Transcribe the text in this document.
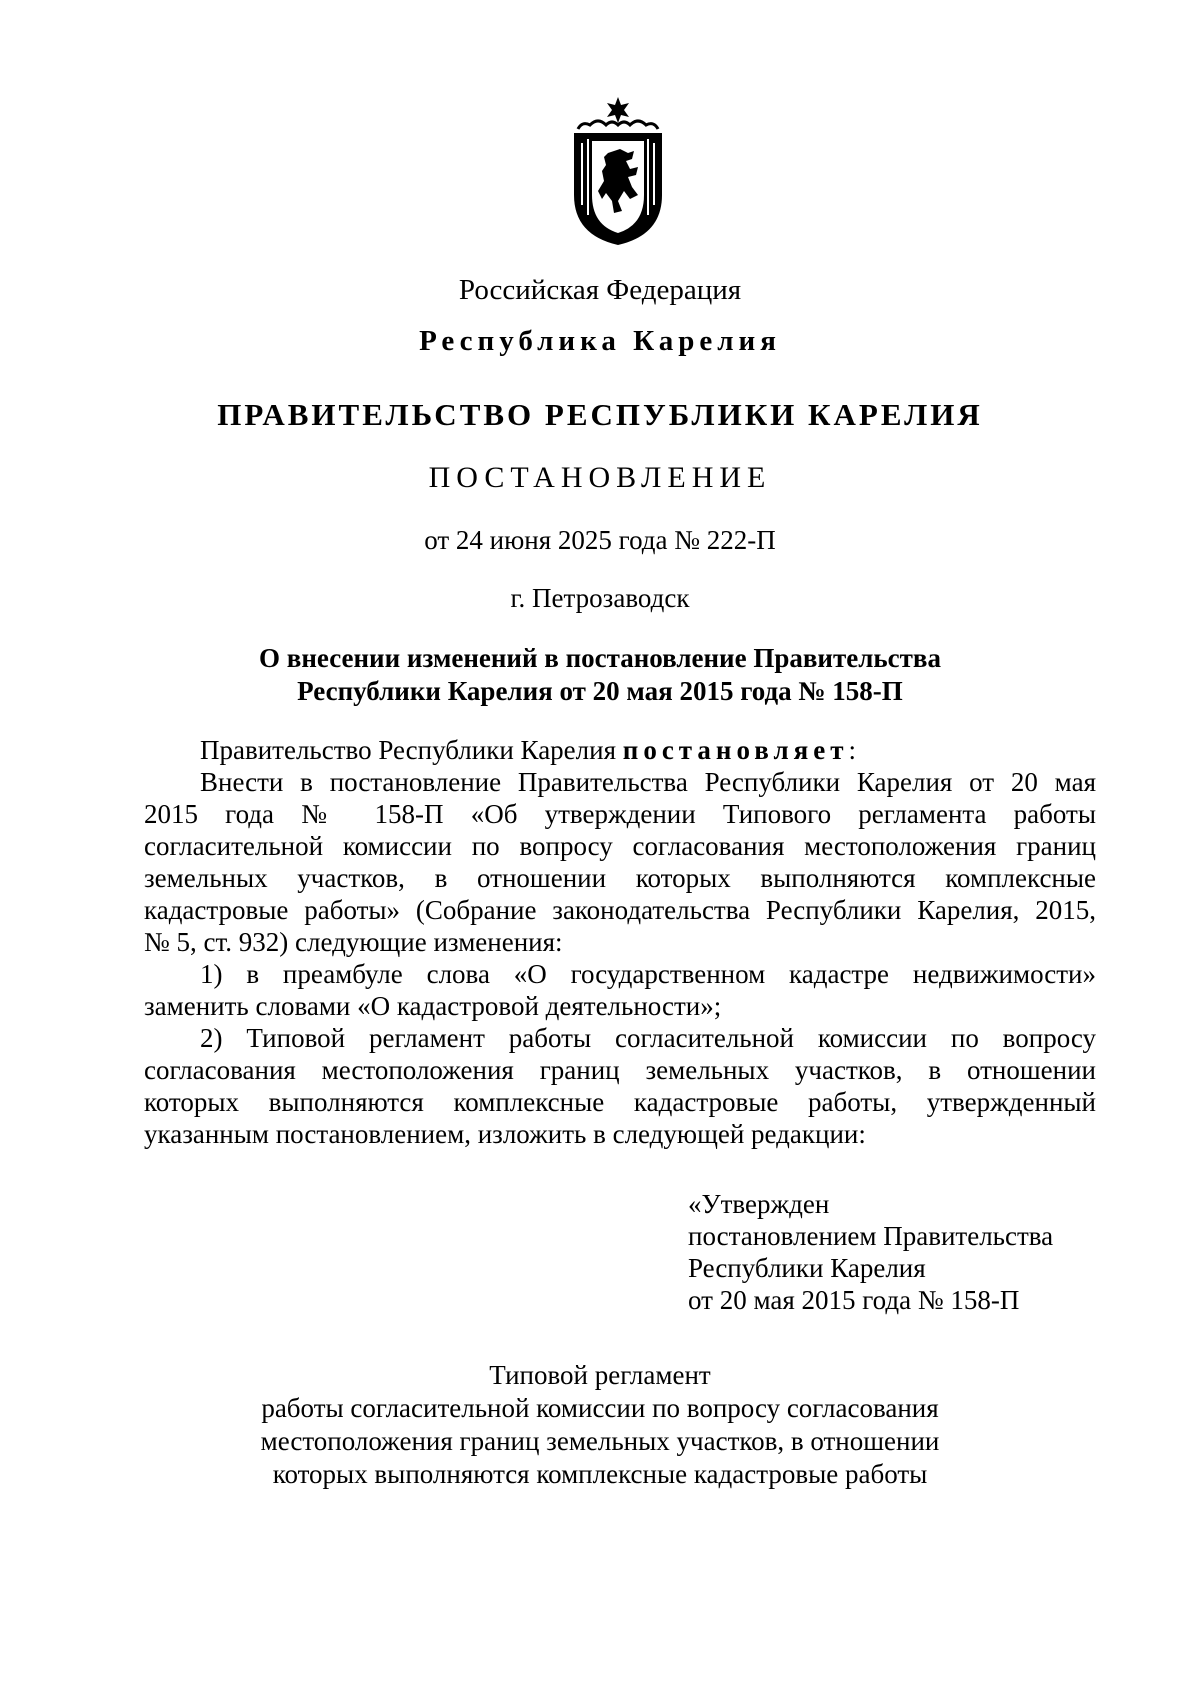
Российская Федерация
Республика Карелия
ПРАВИТЕЛЬСТВО РЕСПУБЛИКИ КАРЕЛИЯ
ПОСТАНОВЛЕНИЕ
от 24 июня 2025 года № 222-П
г. Петрозаводск
О внесении изменений в постановление Правительства
Республики Карелия от 20 мая 2015 года № 158-П
Правительство Республики Карелия постановляет:
Внести в постановление Правительства Республики Карелия от 20 мая
2015 года № 158-П «Об утверждении Типового регламента работы
согласительной комиссии по вопросу согласования местоположения границ
земельных участков, в отношении которых выполняются комплексные
кадастровые работы» (Собрание законодательства Республики Карелия, 2015,
№ 5, ст. 932) следующие изменения:
1) в преамбуле слова «О государственном кадастре недвижимости»
заменить словами «О кадастровой деятельности»;
2) Типовой регламент работы согласительной комиссии по вопросу
согласования местоположения границ земельных участков, в отношении
которых выполняются комплексные кадастровые работы, утвержденный
указанным постановлением, изложить в следующей редакции:
«Утвержден
постановлением Правительства
Республики Карелия
от 20 мая 2015 года № 158-П
Типовой регламент
работы согласительной комиссии по вопросу согласования
местоположения границ земельных участков, в отношении
которых выполняются комплексные кадастровые работы
